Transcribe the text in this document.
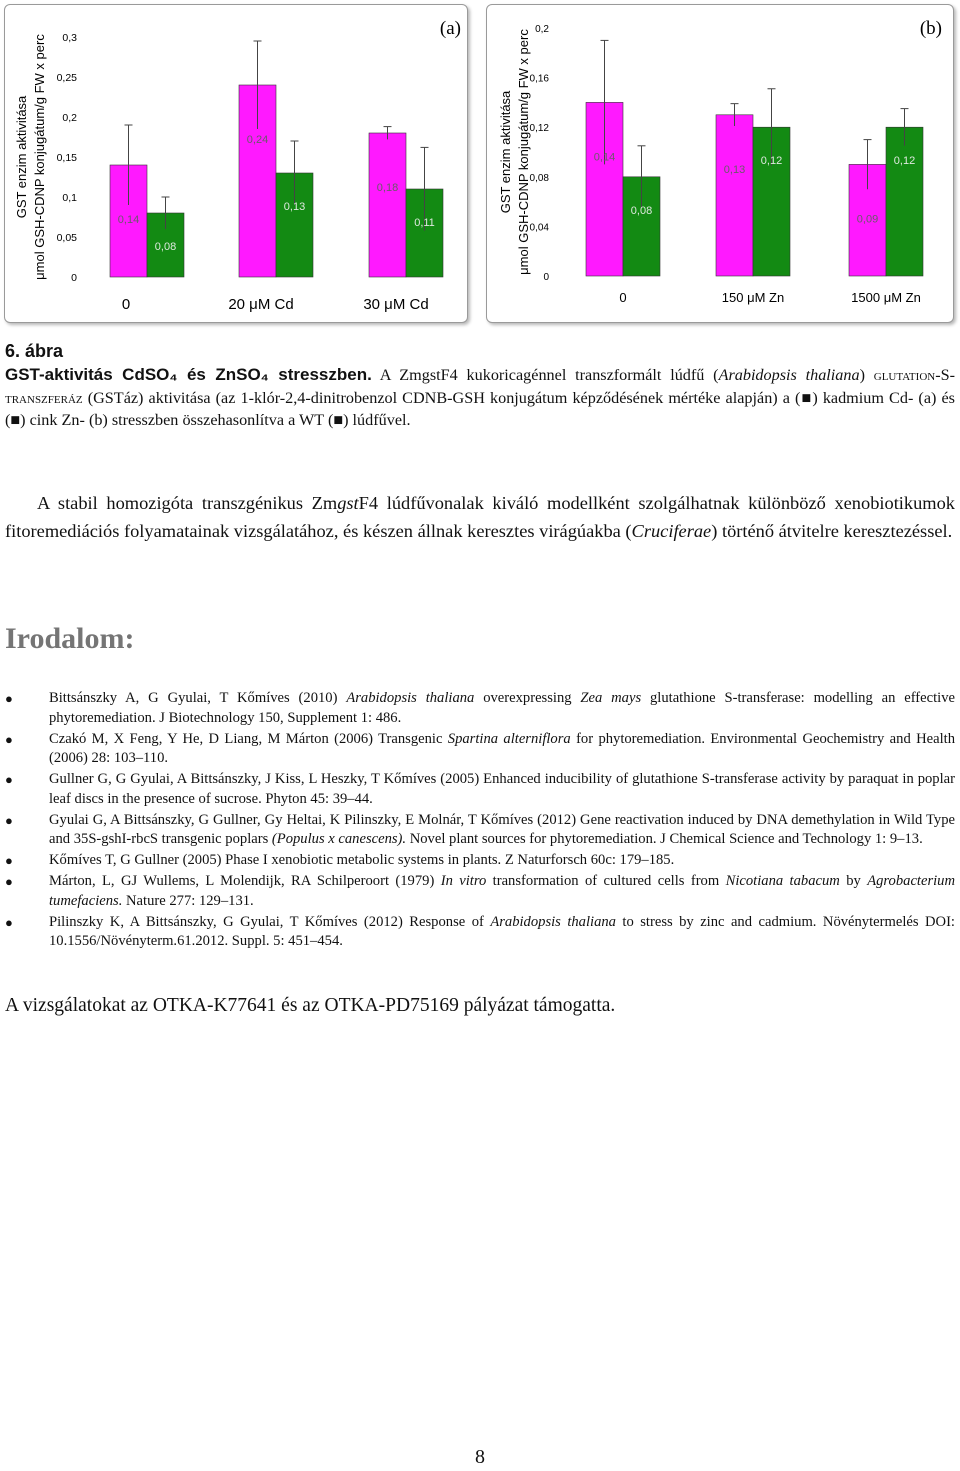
GST enzim aktivitása μmol GSH-CDNP konjugátum/g FW x perc 0
0,05
0,1
0,15
0,2
0,25
0,3	(a)
0,14
0,08
0
0,24
0,13
20 μM Cd
0,18
0,11
30 μM Cd
GST enzim aktivitása μmol GSH-CDNP konjugátum/g FW x perc
0
0,04
0,08
0,12
0,16
0,2	(b)
0,14
0,08
0
0,13
0,12
150 μM Zn
0,09
0,12
1500 μM Zn

6. ábra

GST-aktivitás CdSO₄ és ZnSO₄ stresszben. A ZmgstF4 kukoricagénnel transzformált lúdfű (Arabidopsis thaliana) glutation-S-transzferáz (GSTáz) aktivitása (az 1-klór-2,4-dinitrobenzol CDNB-GSH konjugátum képződésének mértéke alapján) a (■) kadmium Cd- (a) és (■) cink Zn- (b) stresszben összehasonlítva a WT (■) lúdfűvel.

A stabil homozigóta transzgénikus ZmgstF4 lúdfűvonalak kiváló modellként szolgálhatnak különböző xenobiotikumok fitoremediációs folyamatainak vizsgálatához, és készen állnak keresztes virágúakba (Cruciferae) történő átvitelre keresztezéssel.

Irodalom:
● Bittsánszky A, G Gyulai, T Kőmíves (2010) Arabidopsis thaliana overexpressing Zea mays glutathione S-transferase: modelling an effective phytoremediation. J Biotechnology 150, Supplement 1: 486.
● Czakó M, X Feng, Y He, D Liang, M Márton (2006) Transgenic Spartina alterniflora for phytoremediation. Environmental Geochemistry and Health (2006) 28: 103–110.
● Gullner G, G Gyulai, A Bittsánszky, J Kiss, L Heszky, T Kőmíves (2005) Enhanced inducibility of glutathione S-transferase activity by paraquat in poplar leaf discs in the presence of sucrose. Phyton 45: 39–44.
● Gyulai G, A Bittsánszky, G Gullner, Gy Heltai, K Pilinszky, E Molnár, T Kőmíves (2012) Gene reactivation induced by DNA demethylation in Wild Type and 35S-gshI-rbcS transgenic poplars (Populus x canescens). Novel plant sources for phytoremediation. J Chemical Science and Technology 1: 9–13.
● Kőmíves T, G Gullner (2005) Phase I xenobiotic metabolic systems in plants. Z Naturforsch 60c: 179–185.
● Márton, L, GJ Wullems, L Molendijk, RA Schilperoort (1979) In vitro transformation of cultured cells from Nicotiana tabacum by Agrobacterium tumefaciens. Nature 277: 129–131.
● Pilinszky K, A Bittsánszky, G Gyulai, T Kőmíves (2012) Response of Arabidopsis thaliana to stress by zinc and cadmium. Növénytermelés DOI: 10.1556/Növényterm.61.2012. Suppl. 5: 451–454.

A vizsgálatokat az OTKA-K77641 és az OTKA-PD75169 pályázat támogatta.

8
